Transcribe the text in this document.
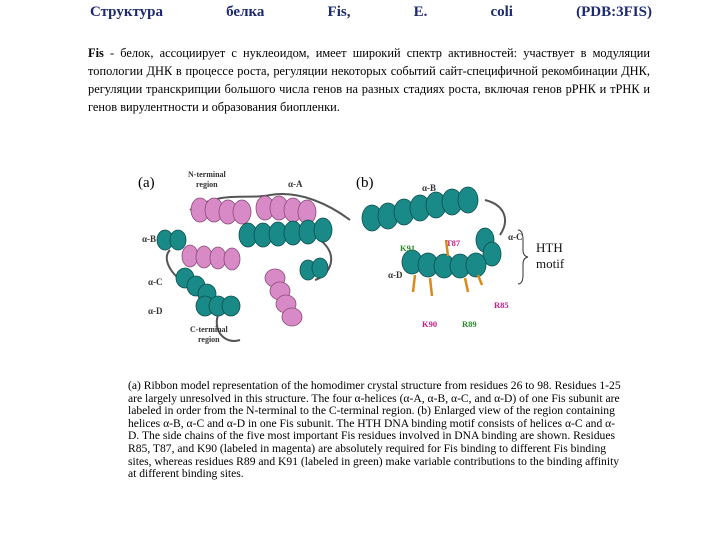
Структура	белка	Fis,	E.	coli	(PDB:3FIS)
Fis - белок, ассоциирует с нуклеоидом, имеет широкий спектр активностей: участвует в модуляции топологии ДНК в процессе роста, регуляции некоторых событий сайт-специфичной рекомбинации ДНК, регуляции транскрипции большого числа генов на разных стадиях роста, включая генов рРНК и тРНК и генов вирулентности и образования биопленки.
(a)
N-terminal
region	α-A
α-B
α-C
α-D
C-terminal
region
(b)	α-B
α-C
α-D
K91	T87
R85
K90	R89
HTH
motif
(a) Ribbon model representation of the homodimer crystal structure from residues 26 to 98. Residues 1-25 are largely unresolved in this structure. The four α-helices (α-A, α-B, α-C, and α-D) of one Fis subunit are labeled in order from the N-terminal to the C-terminal region. (b) Enlarged view of the region containing helices α-B, α-C and α-D in one Fis subunit. The HTH DNA binding motif consists of helices α-C and α-D. The side chains of the five most important Fis residues involved in DNA binding are shown. Residues R85, T87, and K90 (labeled in magenta) are absolutely required for Fis binding to different Fis binding sites, whereas residues R89 and K91 (labeled in green) make variable contributions to the binding affinity at different binding sites.
